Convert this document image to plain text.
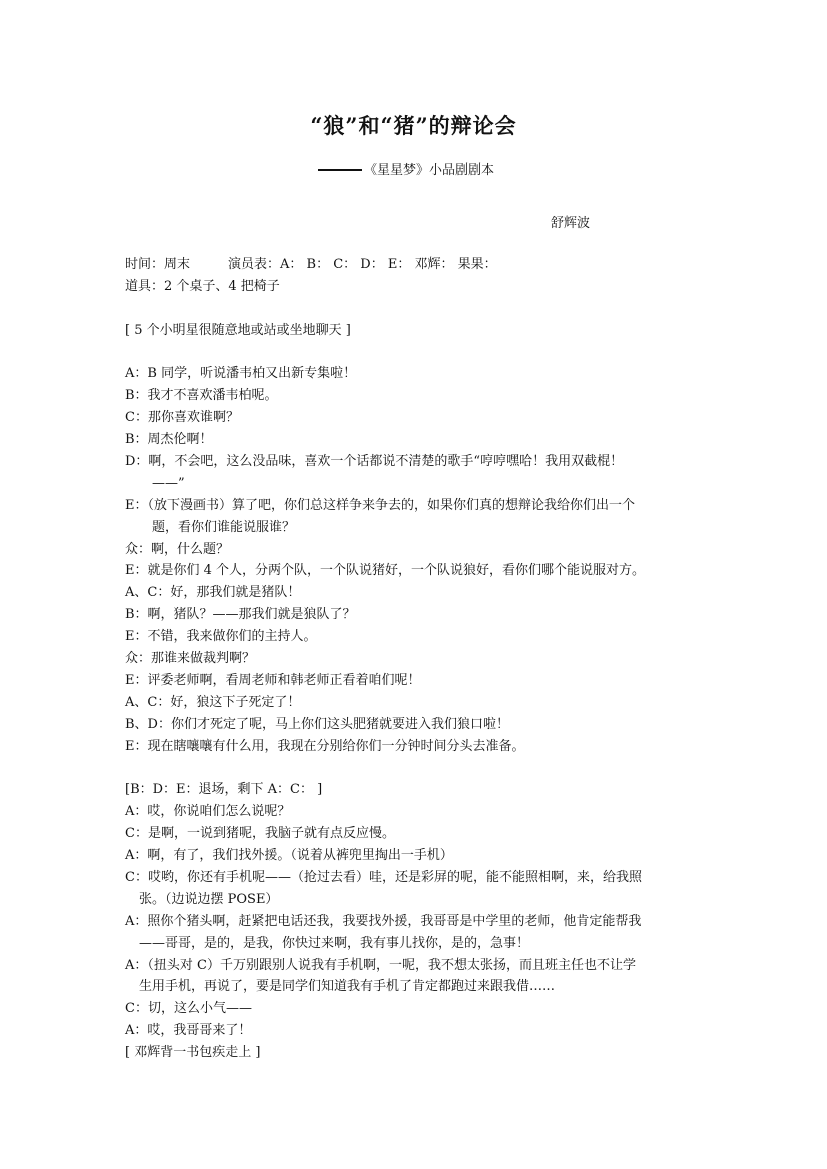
“狼”和“猪”的辩论会
《星星梦》小品剧剧本
舒辉波
时间：周末	演员表：A： B： C： D： E： 邓辉： 果果：
道具：2 个桌子、4 把椅子
[ 5 个小明星很随意地或站或坐地聊天 ]
A：B 同学，听说潘韦柏又出新专集啦！
B：我才不喜欢潘韦柏呢。
C：那你喜欢谁啊？
B：周杰伦啊！
D：啊，不会吧，这么没品味，喜欢一个话都说不清楚的歌手“哼哼嘿哈！我用双截棍！
——”
E：（放下漫画书）算了吧，你们总这样争来争去的，如果你们真的想辩论我给你们出一个
题，看你们谁能说服谁？
众：啊，什么题？
E：就是你们 4 个人，分两个队，一个队说猪好，一个队说狼好，看你们哪个能说服对方。
A、C：好，那我们就是猪队！
B：啊，猪队？——那我们就是狼队了？
E：不错，我来做你们的主持人。
众：那谁来做裁判啊？
E：评委老师啊，看周老师和韩老师正看着咱们呢！
A、C：好，狼这下子死定了！
B、D：你们才死定了呢，马上你们这头肥猪就要进入我们狼口啦！
E：现在瞎嚷嚷有什么用，我现在分别给你们一分钟时间分头去准备。
[B：D：E：退场，剩下 A：C： ]
A：哎，你说咱们怎么说呢？
C：是啊，一说到猪呢，我脑子就有点反应慢。
A：啊，有了，我们找外援。（说着从裤兜里掏出一手机）
C：哎哟，你还有手机呢——（抢过去看）哇，还是彩屏的呢，能不能照相啊，来，给我照
张。（边说边摆 POSE）
A：照你个猪头啊，赶紧把电话还我，我要找外援，我哥哥是中学里的老师，他肯定能帮我
——哥哥，是的，是我，你快过来啊，我有事儿找你，是的，急事！
A：（扭头对 C）千万别跟别人说我有手机啊，一呢，我不想太张扬，而且班主任也不让学
生用手机，再说了，要是同学们知道我有手机了肯定都跑过来跟我借……
C：切，这么小气——
A：哎，我哥哥来了！
[ 邓辉背一书包疾走上 ]
